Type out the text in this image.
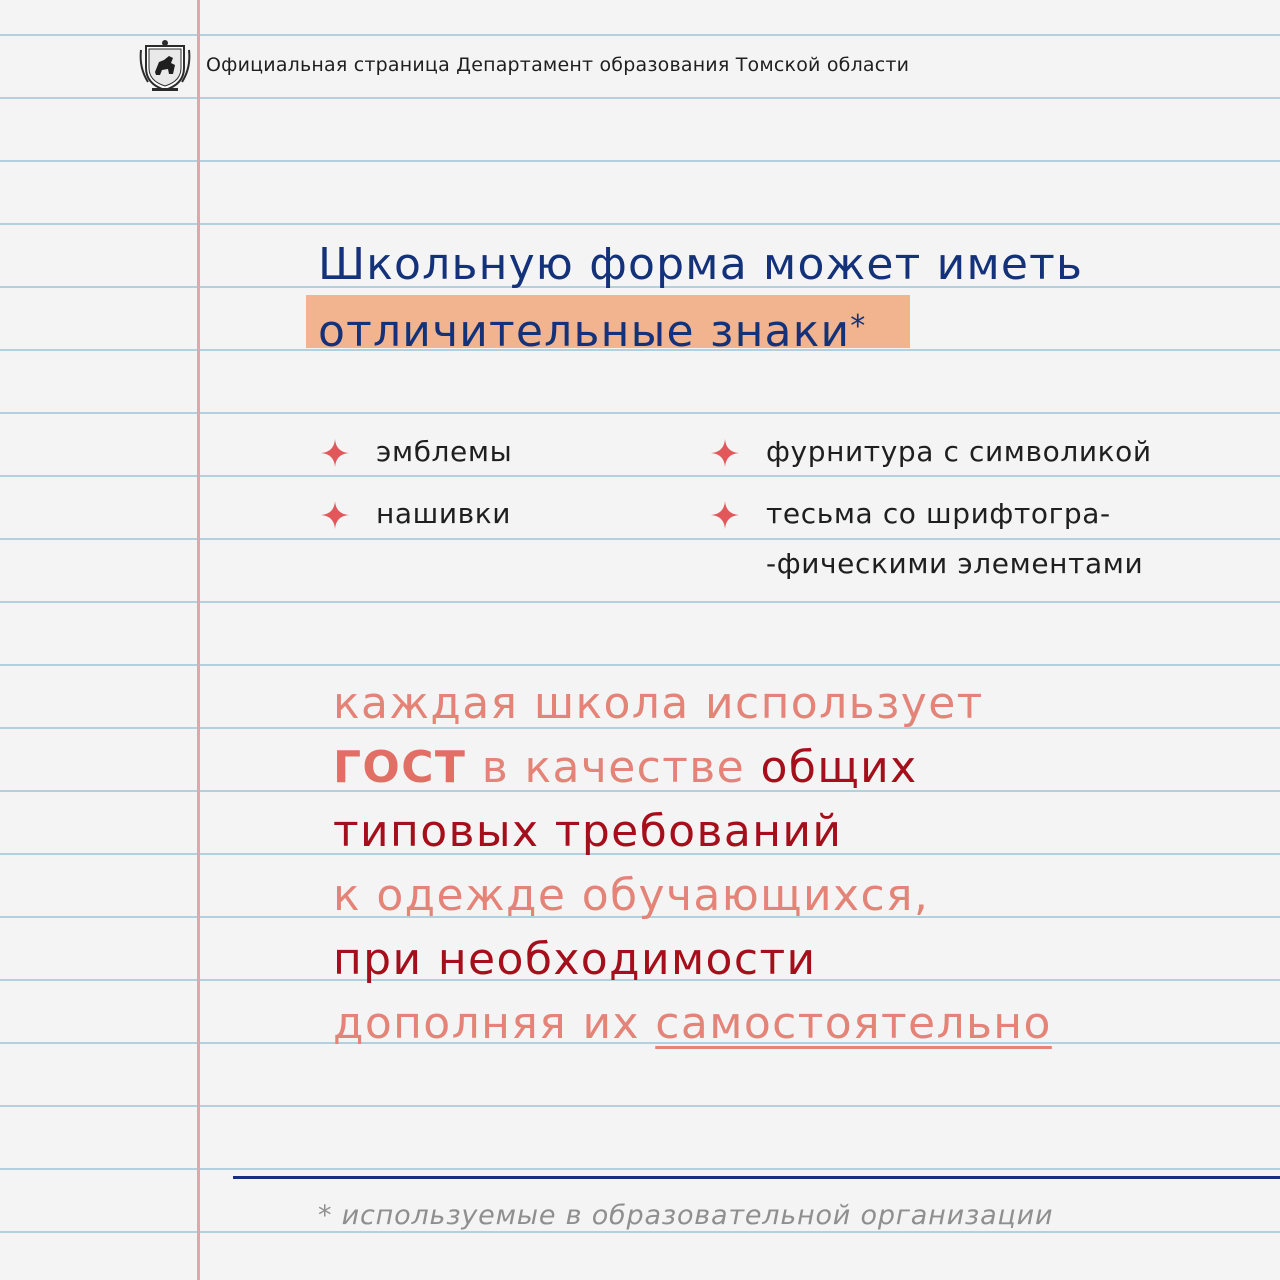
Официальная страница Департамент образования Томской области
Школьную форма может иметь
отличительные знаки*
эмблемы
нашивки
фурнитура с символикой
тесьма со шрифтогра-
-фическими элементами
каждая школа использует
ГОСТ в качестве общих
типовых требований
к одежде обучающихся,
при необходимости
дополняя их самостоятельно
* используемые в образовательной организации
